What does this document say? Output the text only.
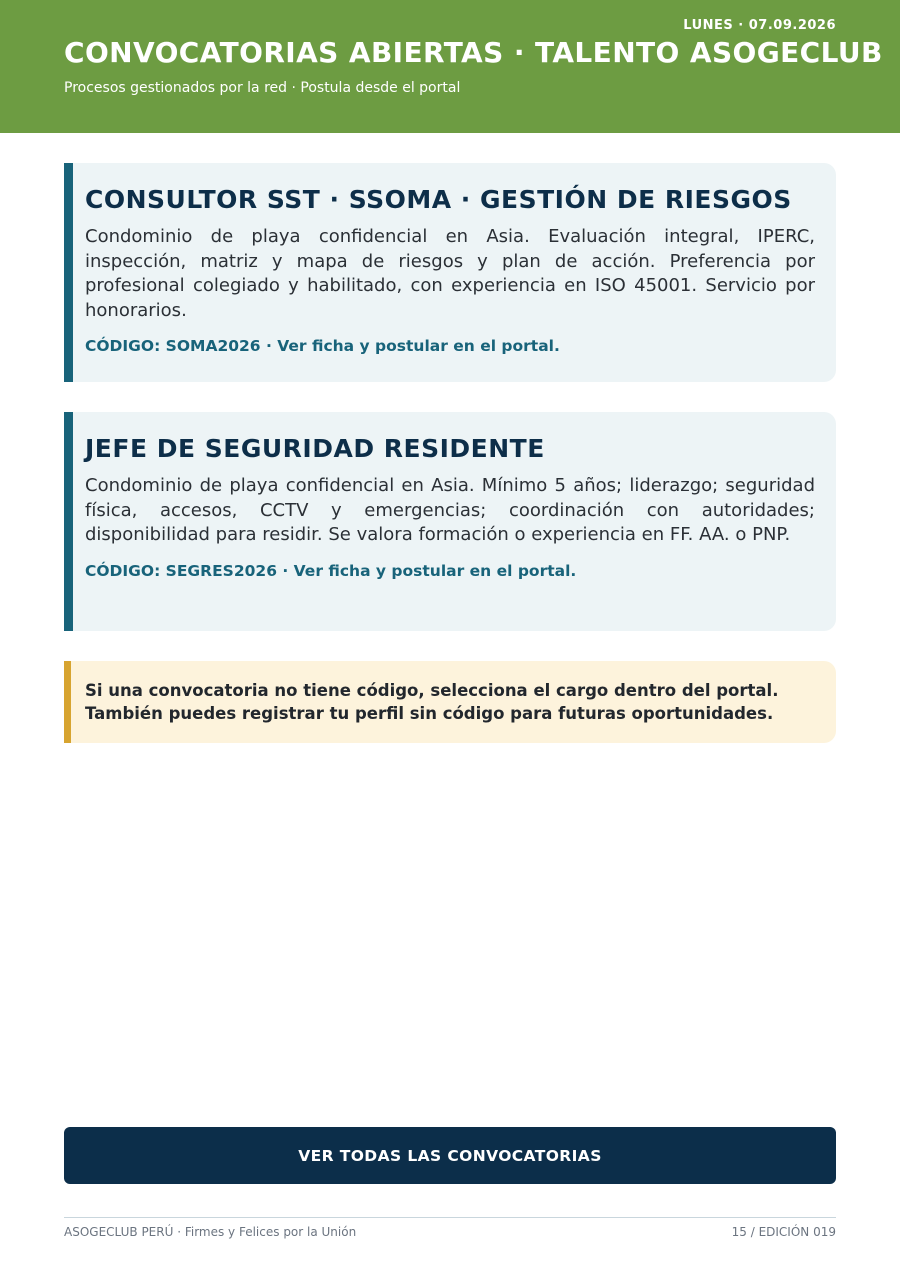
LUNES · 07.09.2026
CONVOCATORIAS ABIERTAS · TALENTO ASOGECLUB
Procesos gestionados por la red · Postula desde el portal
CONSULTOR SST · SSOMA · GESTIÓN DE RIESGOS

Condominio de playa confidencial en Asia. Evaluación integral, IPERC, inspección, matriz y mapa de riesgos y plan de acción. Preferencia por profesional colegiado y habilitado, con experiencia en ISO 45001. Servicio por honorarios.

CÓDIGO: SOMA2026 · Ver ficha y postular en el portal.
JEFE DE SEGURIDAD RESIDENTE

Condominio de playa confidencial en Asia. Mínimo 5 años; liderazgo; seguridad física, accesos, CCTV y emergencias; coordinación con autoridades; disponibilidad para residir. Se valora formación o experiencia en FF. AA. o PNP.

CÓDIGO: SEGRES2026 · Ver ficha y postular en el portal.
Si una convocatoria no tiene código, selecciona el cargo dentro del portal.
También puedes registrar tu perfil sin código para futuras oportunidades.
VER TODAS LAS CONVOCATORIAS
ASOGECLUB PERÚ · Firmes y Felices por la Unión	15 / EDICIÓN 019
